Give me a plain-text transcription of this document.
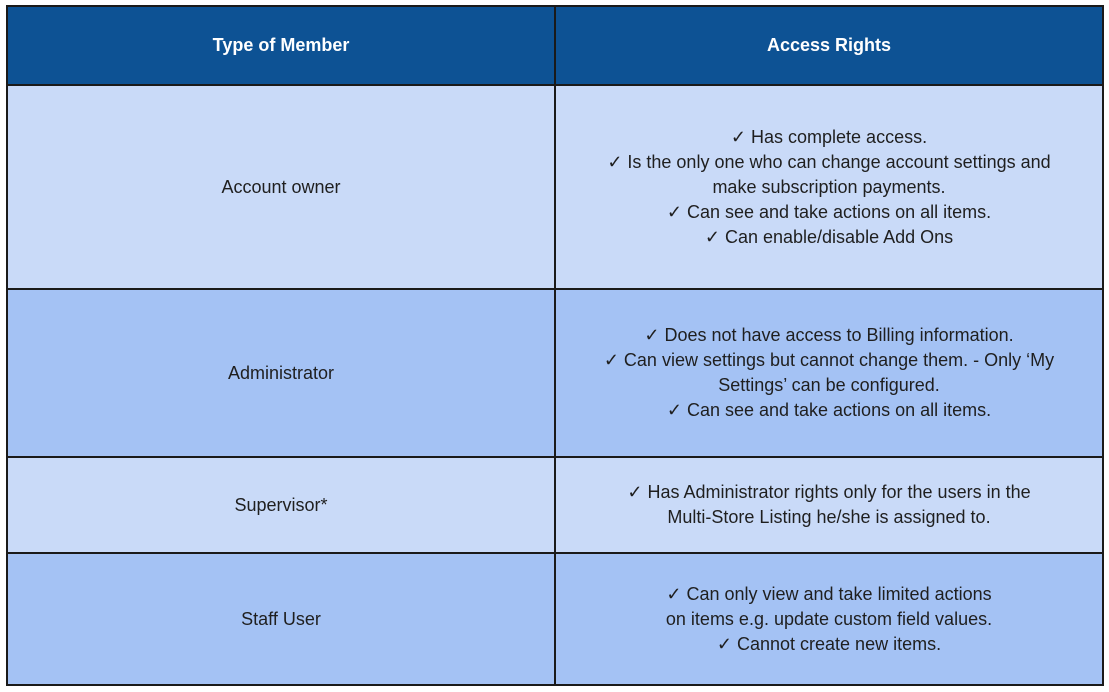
Type of Member	Access Rights
Account owner	✓ Has complete access.
✓ Is the only one who can change account settings and
make subscription payments.
✓ Can see and take actions on all items.
✓ Can enable/disable Add Ons

Administrator	✓ Does not have access to Billing information.
✓ Can view settings but cannot change them. - Only ‘My
Settings’ can be configured.
✓ Can see and take actions on all items.

Supervisor*	✓ Has Administrator rights only for the users in the
Multi-Store Listing he/she is assigned to.

Staff User	✓ Can only view and take limited actions
on items e.g. update custom field values.
✓ Cannot create new items.
